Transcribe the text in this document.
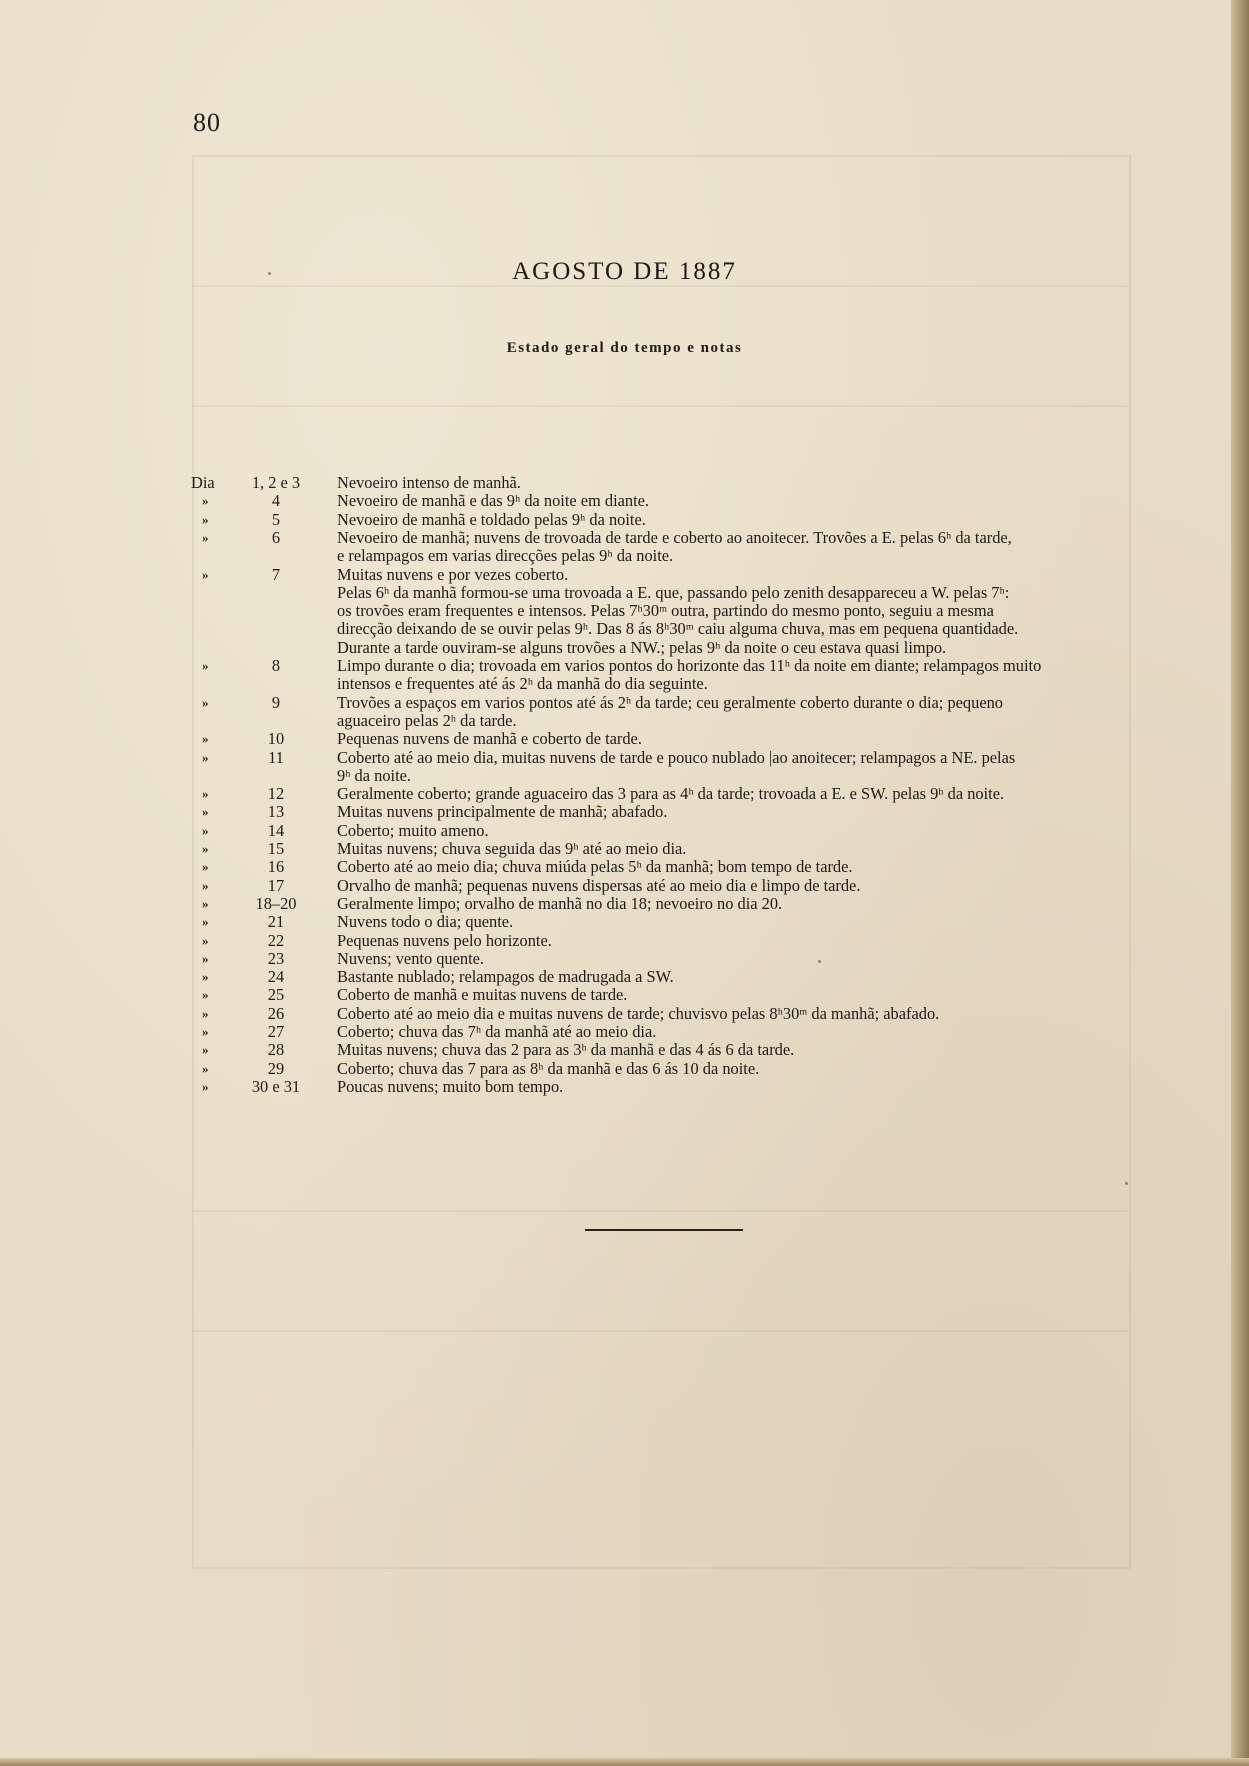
80
AGOSTO DE 1887
Estado geral do tempo e notas
Dia	1, 2 e 3	Nevoeiro intenso de manhã.
»	4	Nevoeiro de manhã e das 9ʰ da noite em diante.
»	5	Nevoeiro de manhã e toldado pelas 9ʰ da noite.
»	6	Nevoeiro de manhã; nuvens de trovoada de tarde e coberto ao anoitecer. Trovões a E. pelas 6ʰ da tarde,
e relampagos em varias direcções pelas 9ʰ da noite.
»	7	Muitas nuvens e por vezes coberto.
Pelas 6ʰ da manhã formou-se uma trovoada a E. que, passando pelo zenith desappareceu a W. pelas 7ʰ:
os trovões eram frequentes e intensos. Pelas 7ʰ30ᵐ outra, partindo do mesmo ponto, seguiu a mesma
direcção deixando de se ouvir pelas 9ʰ. Das 8 ás 8ʰ30ᵐ caiu alguma chuva, mas em pequena quantidade.
Durante a tarde ouviram-se alguns trovões a NW.; pelas 9ʰ da noite o ceu estava quasi limpo.
»	8	Limpo durante o dia; trovoada em varios pontos do horizonte das 11ʰ da noite em diante; relampagos muito
intensos e frequentes até ás 2ʰ da manhã do dia seguinte.
»	9	Trovões a espaços em varios pontos até ás 2ʰ da tarde; ceu geralmente coberto durante o dia; pequeno
aguaceiro pelas 2ʰ da tarde.
»	10	Pequenas nuvens de manhã e coberto de tarde.
»	11	Coberto até ao meio dia, muitas nuvens de tarde e pouco nublado |ao anoitecer; relampagos a NE. pelas
9ʰ da noite.
»	12	Geralmente coberto; grande aguaceiro das 3 para as 4ʰ da tarde; trovoada a E. e SW. pelas 9ʰ da noite.
»	13	Muitas nuvens principalmente de manhã; abafado.
»	14	Coberto; muito ameno.
»	15	Muitas nuvens; chuva seguida das 9ʰ até ao meio dia.
»	16	Coberto até ao meio dia; chuva miúda pelas 5ʰ da manhã; bom tempo de tarde.
»	17	Orvalho de manhã; pequenas nuvens dispersas até ao meio dia e limpo de tarde.
»	18–20	Geralmente limpo; orvalho de manhã no dia 18; nevoeiro no dia 20.
»	21	Nuvens todo o dia; quente.
»	22	Pequenas nuvens pelo horizonte.
»	23	Nuvens; vento quente.
»	24	Bastante nublado; relampagos de madrugada a SW.
»	25	Coberto de manhã e muitas nuvens de tarde.
»	26	Coberto até ao meio dia e muitas nuvens de tarde; chuvisvo pelas 8ʰ30ᵐ da manhã; abafado.
»	27	Coberto; chuva das 7ʰ da manhã até ao meio dia.
»	28	Muitas nuvens; chuva das 2 para as 3ʰ da manhã e das 4 ás 6 da tarde.
»	29	Coberto; chuva das 7 para as 8ʰ da manhã e das 6 ás 10 da noite.
»	30 e 31	Poucas nuvens; muito bom tempo.
